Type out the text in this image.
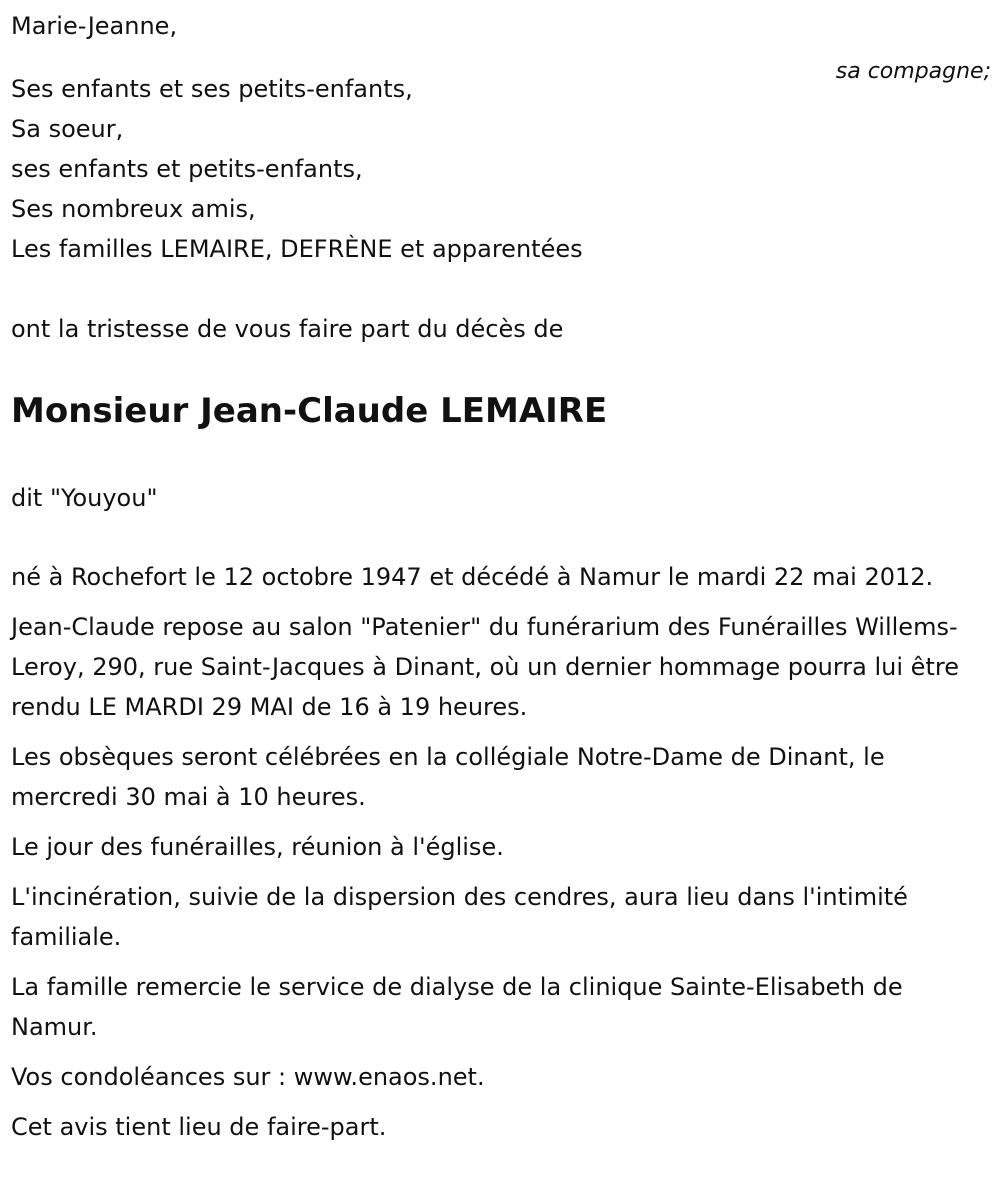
Marie-Jeanne,

sa compagne;

Ses enfants et ses petits-enfants,

Sa soeur,

ses enfants et petits-enfants,

Ses nombreux amis,

Les familles LEMAIRE, DEFRÈNE et apparentées

ont la tristesse de vous faire part du décès de

Monsieur Jean-Claude LEMAIRE

dit "Youyou"

né à Rochefort le 12 octobre 1947 et décédé à Namur le mardi 22 mai 2012.

Jean-Claude repose au salon "Patenier" du funérarium des Funérailles Willems-Leroy, 290, rue Saint-Jacques à Dinant, où un dernier hommage pourra lui être rendu LE MARDI 29 MAI de 16 à 19 heures.

Les obsèques seront célébrées en la collégiale Notre-Dame de Dinant, le mercredi 30 mai à 10 heures.

Le jour des funérailles, réunion à l'église.

L'incinération, suivie de la dispersion des cendres, aura lieu dans l'intimité familiale.

La famille remercie le service de dialyse de la clinique Sainte-Elisabeth de Namur.

Vos condoléances sur : www.enaos.net.

Cet avis tient lieu de faire-part.
